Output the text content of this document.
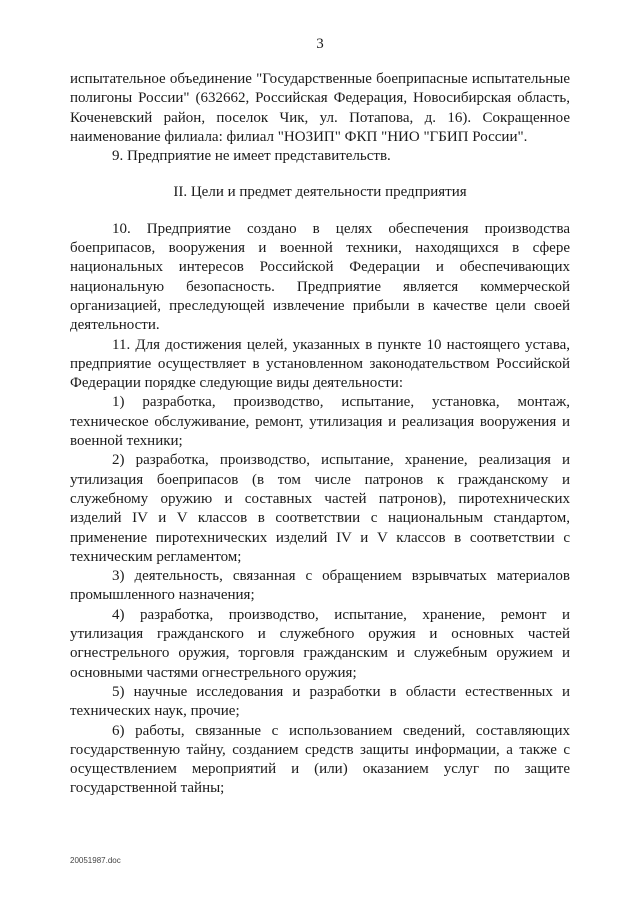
3

испытательное объединение "Государственные боеприпасные испытательные полигоны России" (632662, Российская Федерация, Новосибирская область, Коченевский район, поселок Чик, ул. Потапова, д. 16). Сокращенное наименование филиала: филиал "НОЗИП" ФКП "НИО "ГБИП России".

9. Предприятие не имеет представительств.

II. Цели и предмет деятельности предприятия

10. Предприятие создано в целях обеспечения производства боеприпасов, вооружения и военной техники, находящихся в сфере национальных интересов Российской Федерации и обеспечивающих национальную безопасность. Предприятие является коммерческой организацией, преследующей извлечение прибыли в качестве цели своей деятельности.

11. Для достижения целей, указанных в пункте 10 настоящего устава, предприятие осуществляет в установленном законодательством Российской Федерации порядке следующие виды деятельности:

1) разработка, производство, испытание, установка, монтаж, техническое обслуживание, ремонт, утилизация и реализация вооружения и военной техники;

2) разработка, производство, испытание, хранение, реализация и утилизация боеприпасов (в том числе патронов к гражданскому и служебному оружию и составных частей патронов), пиротехнических изделий IV и V классов в соответствии с национальным стандартом, применение пиротехнических изделий IV и V классов в соответствии с техническим регламентом;

3) деятельность, связанная с обращением взрывчатых материалов промышленного назначения;

4) разработка, производство, испытание, хранение, ремонт и утилизация гражданского и служебного оружия и основных частей огнестрельного оружия, торговля гражданским и служебным оружием и основными частями огнестрельного оружия;

5) научные исследования и разработки в области естественных и технических наук, прочие;

6) работы, связанные с использованием сведений, составляющих государственную тайну, созданием средств защиты информации, а также с осуществлением мероприятий и (или) оказанием услуг по защите государственной тайны;

20051987.doc
